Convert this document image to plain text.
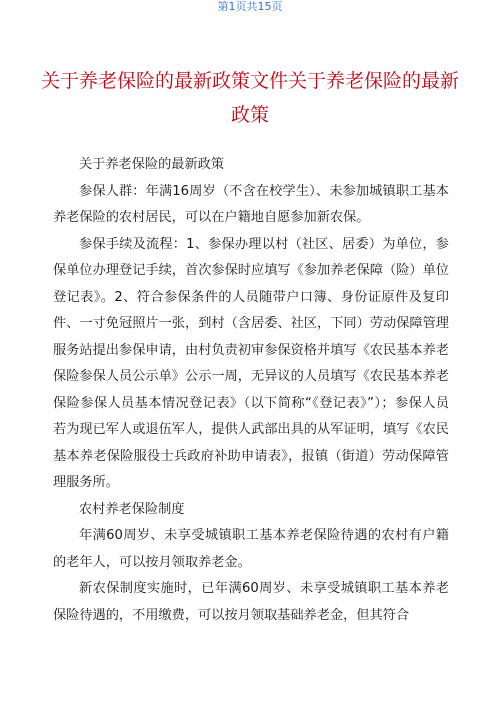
第1页共15页
关于养老保险的最新政策文件关于养老保险的最新政策

关于养老保险的最新政策

参保人群：年满16周岁（不含在校学生）、未参加城镇职工基本养老保险的农村居民，可以在户籍地自愿参加新农保。

参保手续及流程：1、参保办理以村（社区、居委）为单位，参保单位办理登记手续，首次参保时应填写《参加养老保障（险）单位登记表》。2、符合参保条件的人员随带户口簿、身份证原件及复印件、一寸免冠照片一张，到村（含居委、社区，下同）劳动保障管理服务站提出参保申请，由村负责初审参保资格并填写《农民基本养老保险参保人员公示单》公示一周，无异议的人员填写《农民基本养老保险参保人员基本情况登记表》（以下简称“《登记表》”）；参保人员若为现已军人或退伍军人，提供人武部出具的从军证明，填写《农民基本养老保险服役士兵政府补助申请表》，报镇（街道）劳动保障管理服务所。

农村养老保险制度

年满60周岁、未享受城镇职工基本养老保险待遇的农村有户籍的老年人，可以按月领取养老金。

新农保制度实施时，已年满60周岁、未享受城镇职工基本养老保险待遇的，不用缴费，可以按月领取基础养老金，但其符合
